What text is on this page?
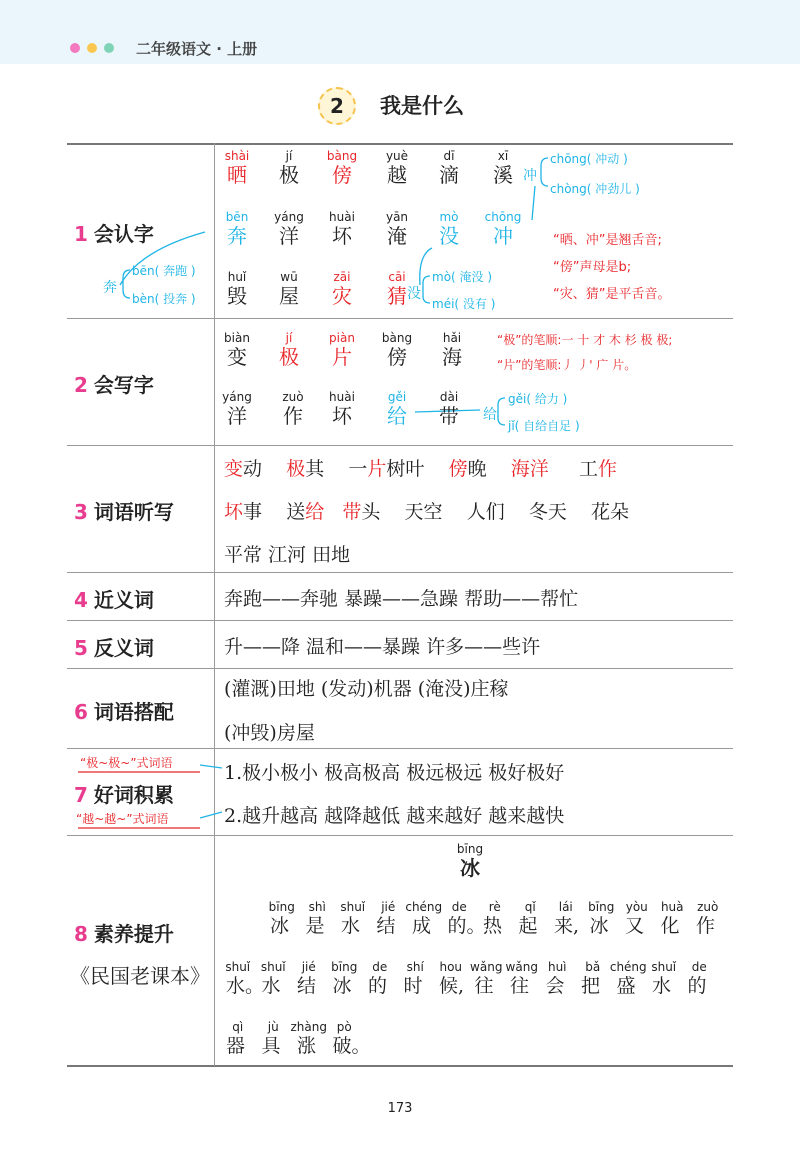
二年级语文 · 上册
2	我是什么
1 会认字
2 会写字
3 词语听写
4 近义词
5 反义词
6 词语搭配
7 好词积累
8 素养提升
《民国老课本》
shài
晒
jí
极
bàng
傍
yuè
越
dī
滴
xī
溪
bēn
奔
yáng
洋
huài
坏
yān
淹
mò
没
chōng
冲
huǐ
毁
wū
屋
zāi
灾
cāi
猜
冲
chōng( 冲动 )
chòng( 冲劲儿 )
奔
bēn( 奔跑 )
bèn( 投奔 )	没
mò( 淹没 )
méi( 没有 )
“晒、冲”是翘舌音;
“傍”声母是b;
“灾、猜”是平舌音。
biàn
变
jí
极
piàn
片
bàng
傍
hǎi
海
yáng
洋
zuò
作
huài
坏
gěi
给
dài
带
“极”的笔顺:一 十 才 木 杉 极 极;
“片”的笔顺:丿 丿' 广 片。
给
gěi( 给力 )
jǐ( 自给自足 )
变动    极其    一片树叶    傍晚    海洋     工作
坏事    送给 带头    天空    人们    冬天    花朵
平常 江河 田地
奔跑——奔驰 暴躁——急躁 帮助——帮忙
升——降 温和——暴躁 许多——些许
(灌溉)田地 (发动)机器 (淹没)庄稼
(冲毁)房屋
“极~极~”式词语
“越~越~”式词语
1.极小极小 极高极高 极远极远 极好极好
2.越升越高 越降越低 越来越好 越来越快
bīng
冰
bīng
冰
shì
是
shuǐ
水
jié
结
chéng
成
de
的。
rè
热
qǐ
起
lái
来,
bīng
冰
yòu
又
huà
化
zuò
作
shuǐ
水。
shuǐ
水
jié
结
bīng
冰
de
的
shí
时
hou
候,
wǎng
往
wǎng
往
huì
会
bǎ
把
chéng
盛
shuǐ
水
de
的
qì
器
jù
具
zhàng
涨
pò
破。
173
